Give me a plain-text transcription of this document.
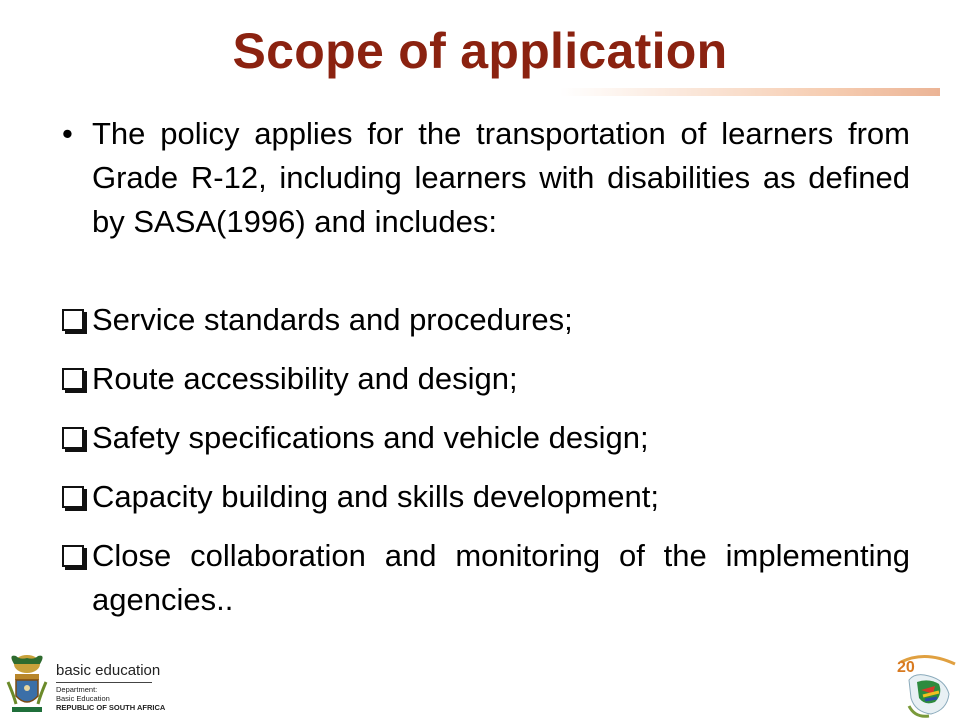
Scope of application
• The policy applies for the transportation of learners from Grade R-12, including learners with disabilities as defined by SASA(1996) and includes:
Service standards and procedures;
Route accessibility and design;
Safety specifications and vehicle design;
Capacity building and skills development;
Close collaboration and monitoring of the implementing agencies..
basic education
Department:
Basic Education
REPUBLIC OF SOUTH AFRICA
20
